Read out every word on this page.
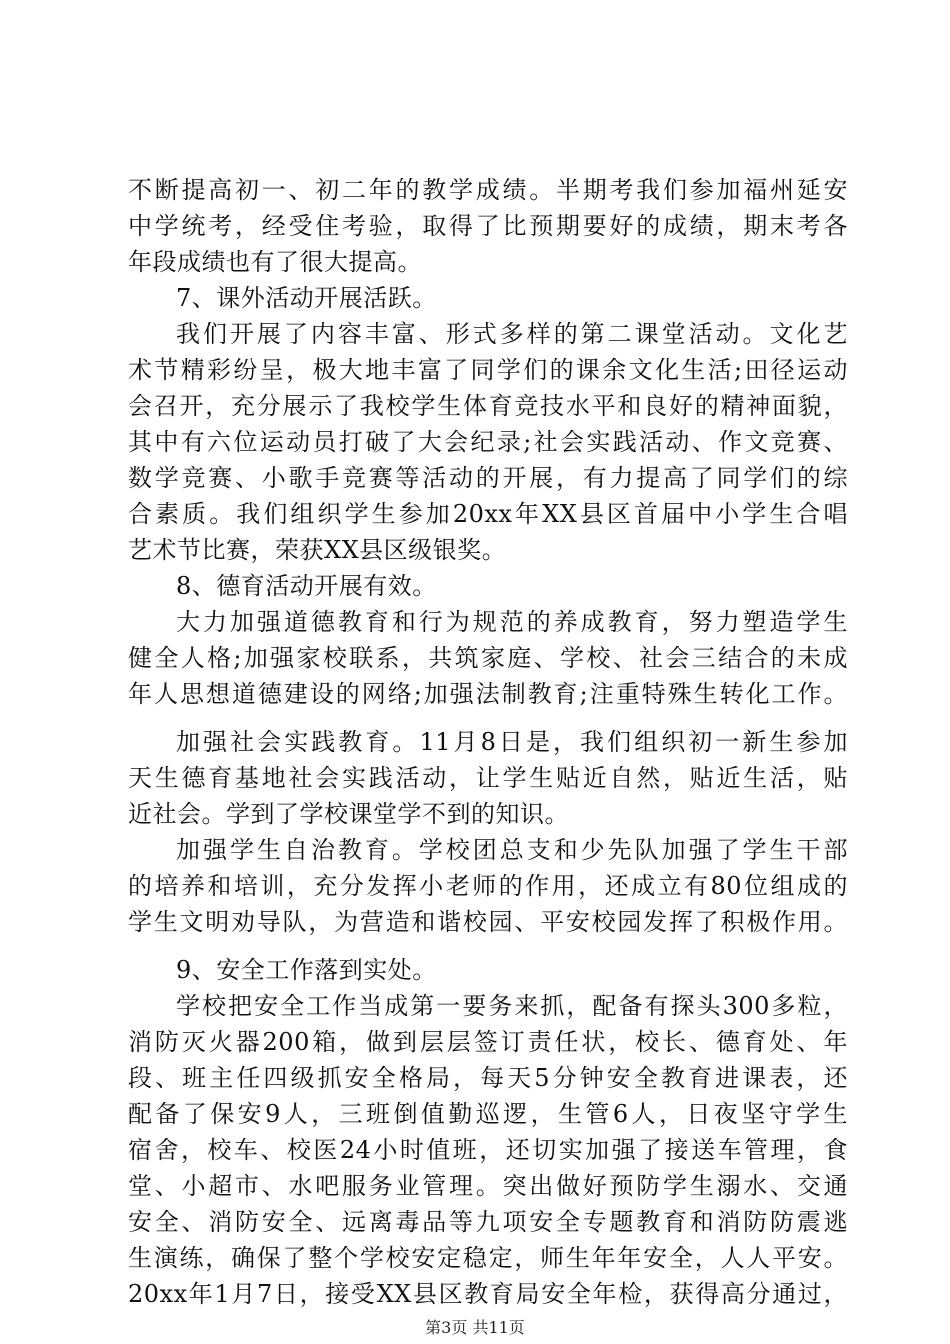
不断提高初一、初二年的教学成绩。半期考我们参加福州延安
中学统考，经受住考验，取得了比预期要好的成绩，期末考各
年段成绩也有了很大提高。
7、课外活动开展活跃。
我们开展了内容丰富、形式多样的第二课堂活动。文化艺
术节精彩纷呈，极大地丰富了同学们的课余文化生活;田径运动
会召开，充分展示了我校学生体育竞技水平和良好的精神面貌，
其中有六位运动员打破了大会纪录;社会实践活动、作文竞赛、
数学竞赛、小歌手竞赛等活动的开展，有力提高了同学们的综
合素质。我们组织学生参加20xx年XX县区首届中小学生合唱
艺术节比赛，荣获XX县区级银奖。
8、德育活动开展有效。
大力加强道德教育和行为规范的养成教育，努力塑造学生
健全人格;加强家校联系，共筑家庭、学校、社会三结合的未成
年人思想道德建设的网络;加强法制教育;注重特殊生转化工作。
加强社会实践教育。11月8日是，我们组织初一新生参加
天生德育基地社会实践活动，让学生贴近自然，贴近生活，贴
近社会。学到了学校课堂学不到的知识。
加强学生自治教育。学校团总支和少先队加强了学生干部
的培养和培训，充分发挥小老师的作用，还成立有80位组成的
学生文明劝导队，为营造和谐校园、平安校园发挥了积极作用。
9、安全工作落到实处。
学校把安全工作当成第一要务来抓，配备有探头300多粒，
消防灭火器200箱，做到层层签订责任状，校长、德育处、年
段、班主任四级抓安全格局，每天5分钟安全教育进课表，还
配备了保安9人，三班倒值勤巡逻，生管6人，日夜坚守学生
宿舍，校车、校医24小时值班，还切实加强了接送车管理，食
堂、小超市、水吧服务业管理。突出做好预防学生溺水、交通
安全、消防安全、远离毒品等九项安全专题教育和消防防震逃
生演练，确保了整个学校安定稳定，师生年年安全，人人平安。
20xx年1月7日，接受XX县区教育局安全年检，获得高分通过，
第3页 共11页
